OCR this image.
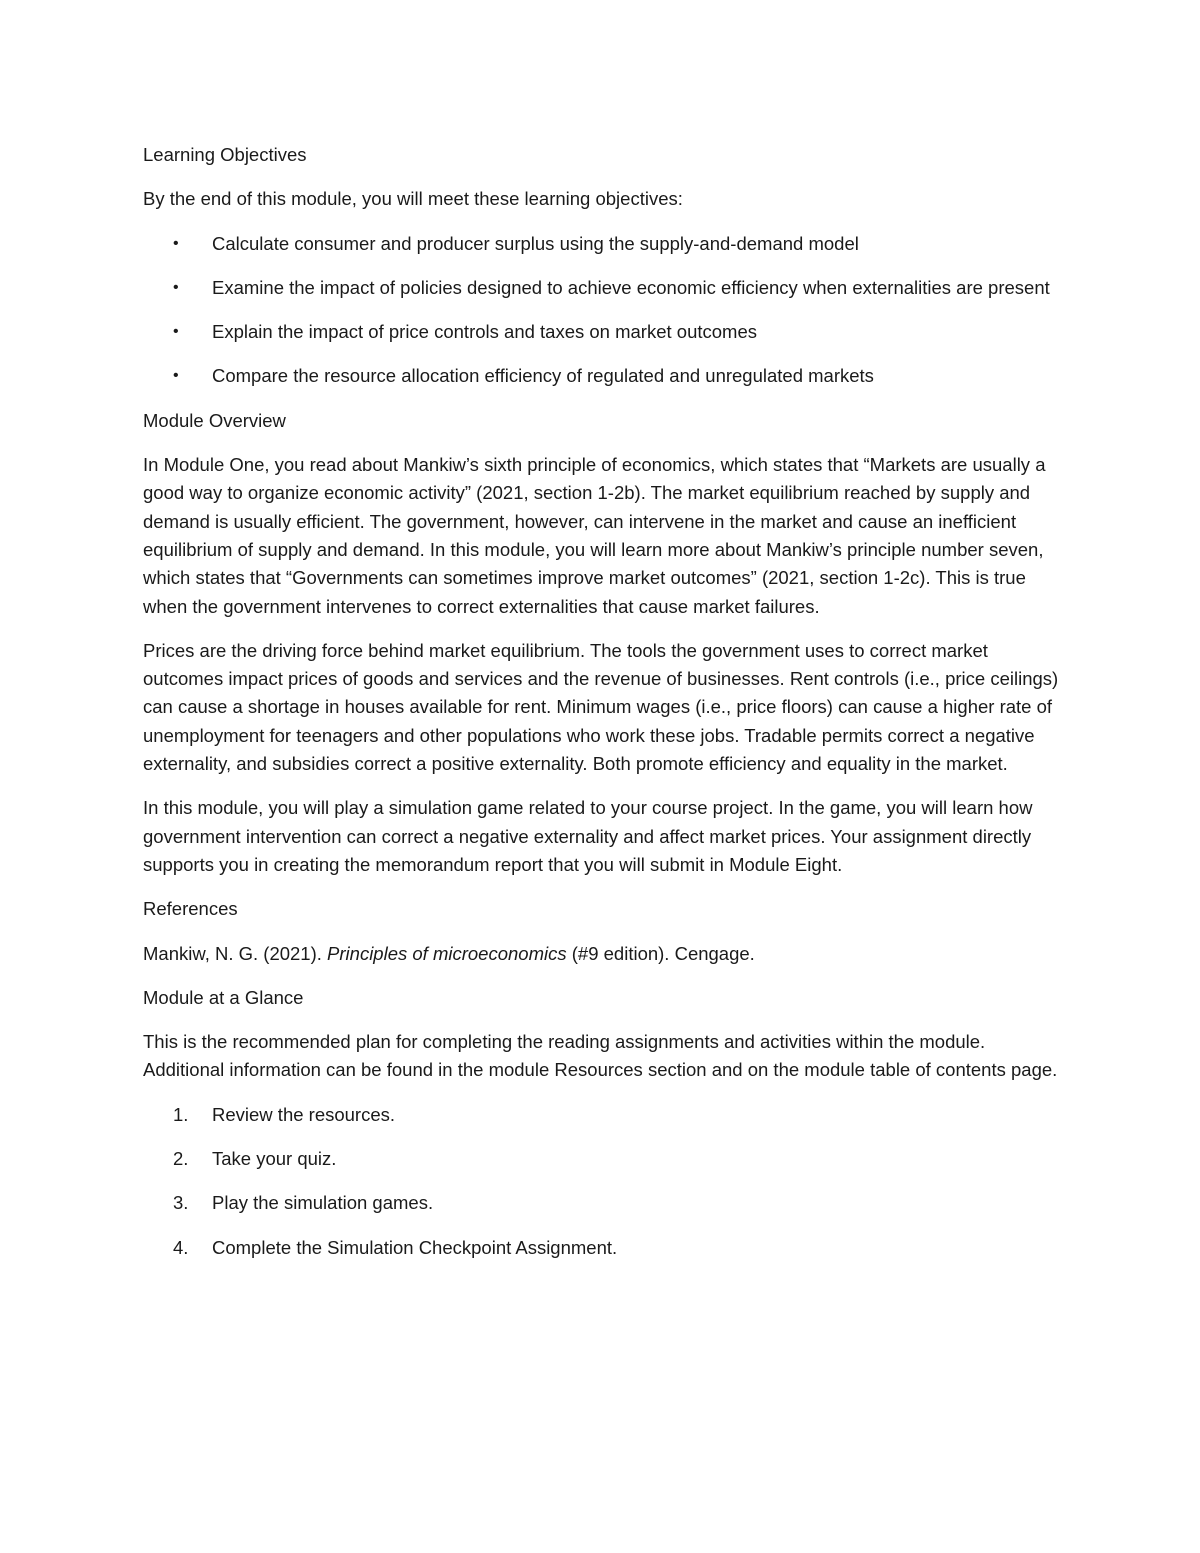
Learning Objectives

By the end of this module, you will meet these learning objectives:

• Calculate consumer and producer surplus using the supply-and-demand model
• Examine the impact of policies designed to achieve economic efficiency when externalities are present
• Explain the impact of price controls and taxes on market outcomes
• Compare the resource allocation efficiency of regulated and unregulated markets

Module Overview

In Module One, you read about Mankiw’s sixth principle of economics, which states that “Markets are usually a good way to organize economic activity” (2021, section 1-2b). The market equilibrium reached by supply and demand is usually efficient. The government, however, can intervene in the market and cause an inefficient equilibrium of supply and demand. In this module, you will learn more about Mankiw’s principle number seven, which states that “Governments can sometimes improve market outcomes” (2021, section 1-2c). This is true when the government intervenes to correct externalities that cause market failures.

Prices are the driving force behind market equilibrium. The tools the government uses to correct market outcomes impact prices of goods and services and the revenue of businesses. Rent controls (i.e., price ceilings) can cause a shortage in houses available for rent. Minimum wages (i.e., price floors) can cause a higher rate of unemployment for teenagers and other populations who work these jobs. Tradable permits correct a negative externality, and subsidies correct a positive externality. Both promote efficiency and equality in the market.

In this module, you will play a simulation game related to your course project. In the game, you will learn how government intervention can correct a negative externality and affect market prices. Your assignment directly supports you in creating the memorandum report that you will submit in Module Eight.

References

Mankiw, N. G. (2021). Principles of microeconomics (#9 edition). Cengage.

Module at a Glance

This is the recommended plan for completing the reading assignments and activities within the module. Additional information can be found in the module Resources section and on the module table of contents page.

1. Review the resources.
2. Take your quiz.
3. Play the simulation games.
4. Complete the Simulation Checkpoint Assignment.
